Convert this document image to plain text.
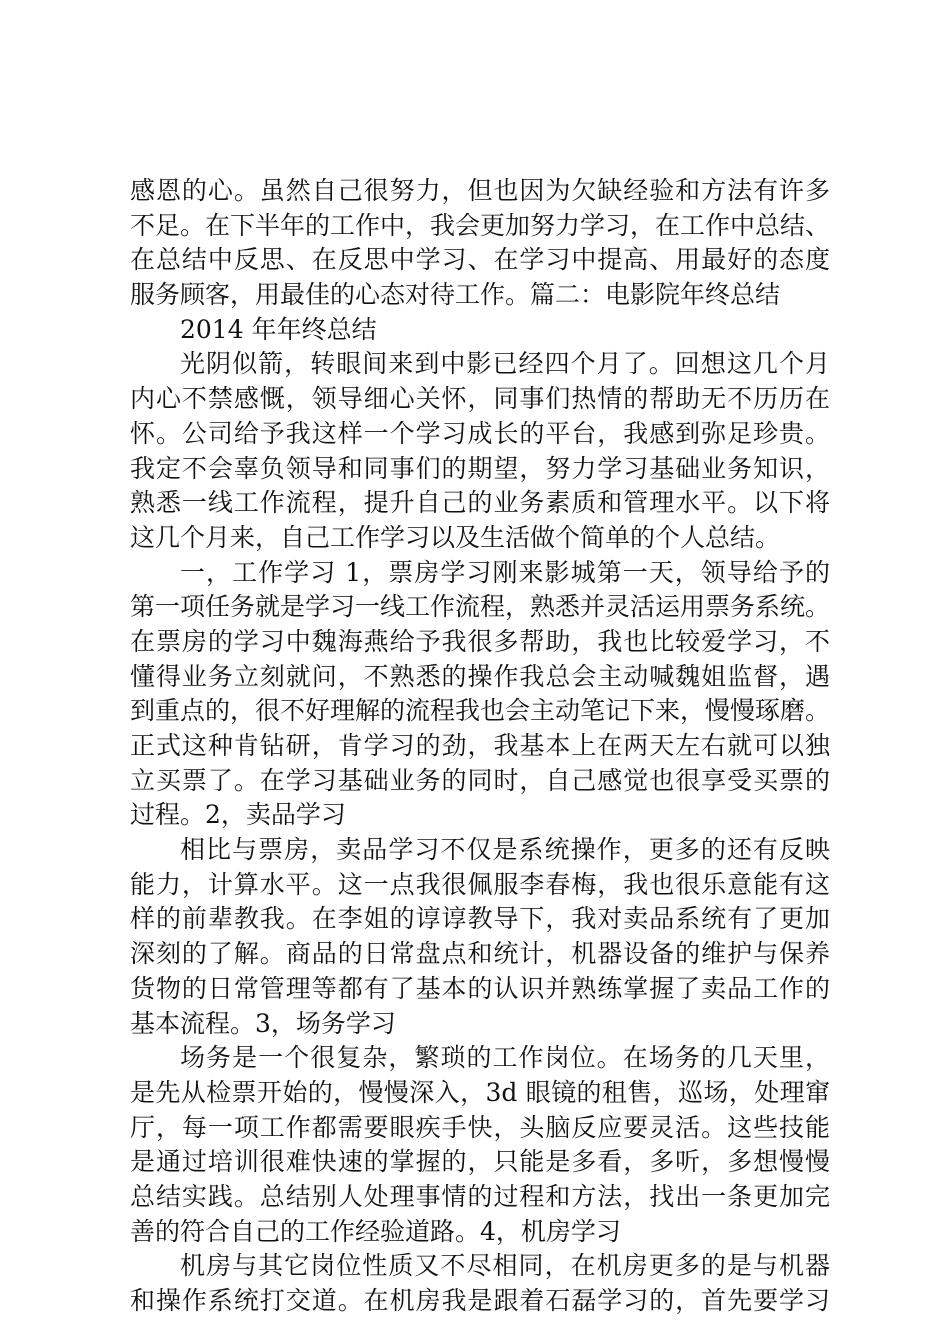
感恩的心。虽然自己很努力，但也因为欠缺经验和方法有许多
不足。在下半年的工作中，我会更加努力学习，在工作中总结、
在总结中反思、在反思中学习、在学习中提高、用最好的态度
服务顾客，用最佳的心态对待工作。篇二：电影院年终总结
2014 年年终总结
光阴似箭，转眼间来到中影已经四个月了。回想这几个月
内心不禁感慨，领导细心关怀，同事们热情的帮助无不历历在
怀。公司给予我这样一个学习成长的平台，我感到弥足珍贵。
我定不会辜负领导和同事们的期望，努力学习基础业务知识，
熟悉一线工作流程，提升自己的业务素质和管理水平。以下将
这几个月来，自己工作学习以及生活做个简单的个人总结。
一，工作学习 1，票房学习刚来影城第一天，领导给予的
第一项任务就是学习一线工作流程，熟悉并灵活运用票务系统。
在票房的学习中魏海燕给予我很多帮助，我也比较爱学习，不
懂得业务立刻就问，不熟悉的操作我总会主动喊魏姐监督，遇
到重点的，很不好理解的流程我也会主动笔记下来，慢慢琢磨。
正式这种肯钻研，肯学习的劲，我基本上在两天左右就可以独
立买票了。在学习基础业务的同时，自己感觉也很享受买票的
过程。2，卖品学习
相比与票房，卖品学习不仅是系统操作，更多的还有反映
能力，计算水平。这一点我很佩服李春梅，我也很乐意能有这
样的前辈教我。在李姐的谆谆教导下，我对卖品系统有了更加
深刻的了解。商品的日常盘点和统计，机器设备的维护与保养
货物的日常管理等都有了基本的认识并熟练掌握了卖品工作的
基本流程。3，场务学习
场务是一个很复杂，繁琐的工作岗位。在场务的几天里，
是先从检票开始的，慢慢深入，3d 眼镜的租售，巡场，处理窜
厅，每一项工作都需要眼疾手快，头脑反应要灵活。这些技能
是通过培训很难快速的掌握的，只能是多看，多听，多想慢慢
总结实践。总结别人处理事情的过程和方法，找出一条更加完
善的符合自己的工作经验道路。4，机房学习
机房与其它岗位性质又不尽相同，在机房更多的是与机器
和操作系统打交道。在机房我是跟着石磊学习的，首先要学习
